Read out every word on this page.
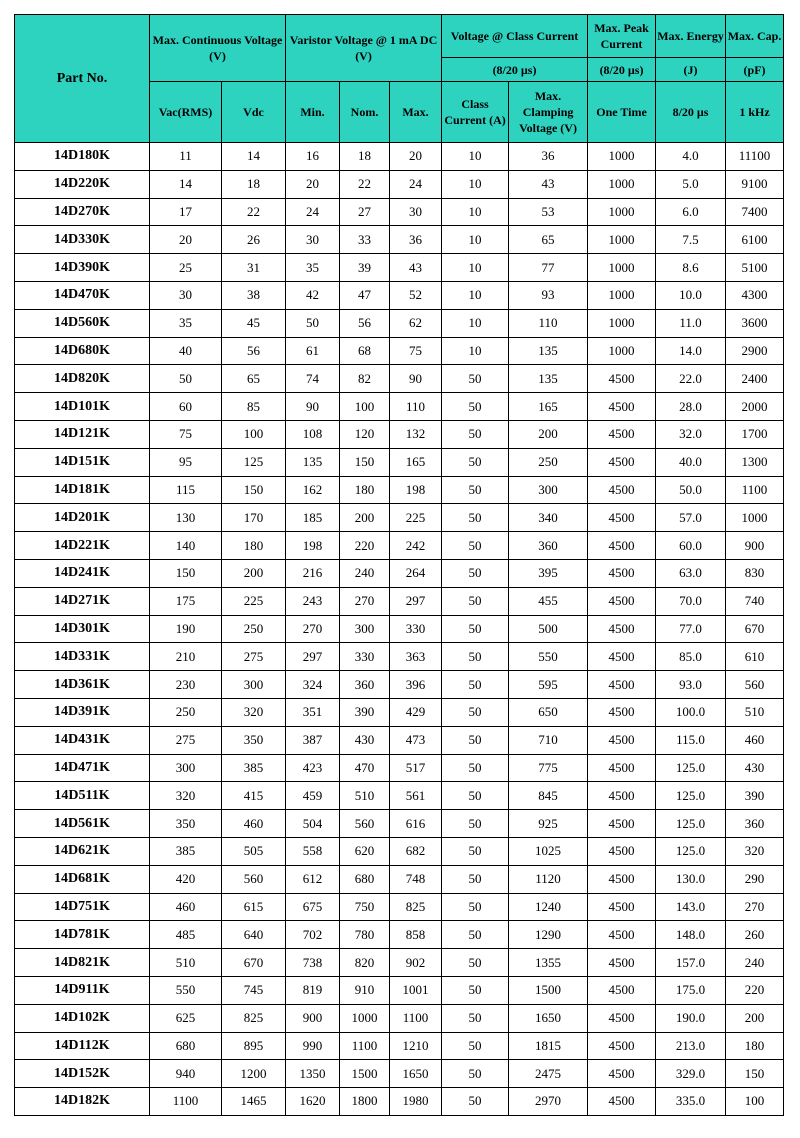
Part No.	Max. Continuous Voltage (V)		Varistor Voltage @ 1 mA DC (V)			Voltage @ Class Current		Max. Peak Current	Max. Energy	Max. Cap.
						(8/20 µs)		(8/20 µs)	(J)	(pF)
	Vac(RMS)	Vdc	Min.	Nom.	Max.	Class Current (A)	Max. Clamping Voltage (V)	One Time	8/20 µs	1 kHz
14D180K	11	14	16	18	20	10	36	1000	4.0	11100
14D220K	14	18	20	22	24	10	43	1000	5.0	9100
14D270K	17	22	24	27	30	10	53	1000	6.0	7400
14D330K	20	26	30	33	36	10	65	1000	7.5	6100
14D390K	25	31	35	39	43	10	77	1000	8.6	5100
14D470K	30	38	42	47	52	10	93	1000	10.0	4300
14D560K	35	45	50	56	62	10	110	1000	11.0	3600
14D680K	40	56	61	68	75	10	135	1000	14.0	2900
14D820K	50	65	74	82	90	50	135	4500	22.0	2400
14D101K	60	85	90	100	110	50	165	4500	28.0	2000
14D121K	75	100	108	120	132	50	200	4500	32.0	1700
14D151K	95	125	135	150	165	50	250	4500	40.0	1300
14D181K	115	150	162	180	198	50	300	4500	50.0	1100
14D201K	130	170	185	200	225	50	340	4500	57.0	1000
14D221K	140	180	198	220	242	50	360	4500	60.0	900
14D241K	150	200	216	240	264	50	395	4500	63.0	830
14D271K	175	225	243	270	297	50	455	4500	70.0	740
14D301K	190	250	270	300	330	50	500	4500	77.0	670
14D331K	210	275	297	330	363	50	550	4500	85.0	610
14D361K	230	300	324	360	396	50	595	4500	93.0	560
14D391K	250	320	351	390	429	50	650	4500	100.0	510
14D431K	275	350	387	430	473	50	710	4500	115.0	460
14D471K	300	385	423	470	517	50	775	4500	125.0	430
14D511K	320	415	459	510	561	50	845	4500	125.0	390
14D561K	350	460	504	560	616	50	925	4500	125.0	360
14D621K	385	505	558	620	682	50	1025	4500	125.0	320
14D681K	420	560	612	680	748	50	1120	4500	130.0	290
14D751K	460	615	675	750	825	50	1240	4500	143.0	270
14D781K	485	640	702	780	858	50	1290	4500	148.0	260
14D821K	510	670	738	820	902	50	1355	4500	157.0	240
14D911K	550	745	819	910	1001	50	1500	4500	175.0	220
14D102K	625	825	900	1000	1100	50	1650	4500	190.0	200
14D112K	680	895	990	1100	1210	50	1815	4500	213.0	180
14D152K	940	1200	1350	1500	1650	50	2475	4500	329.0	150
14D182K	1100	1465	1620	1800	1980	50	2970	4500	335.0	100
